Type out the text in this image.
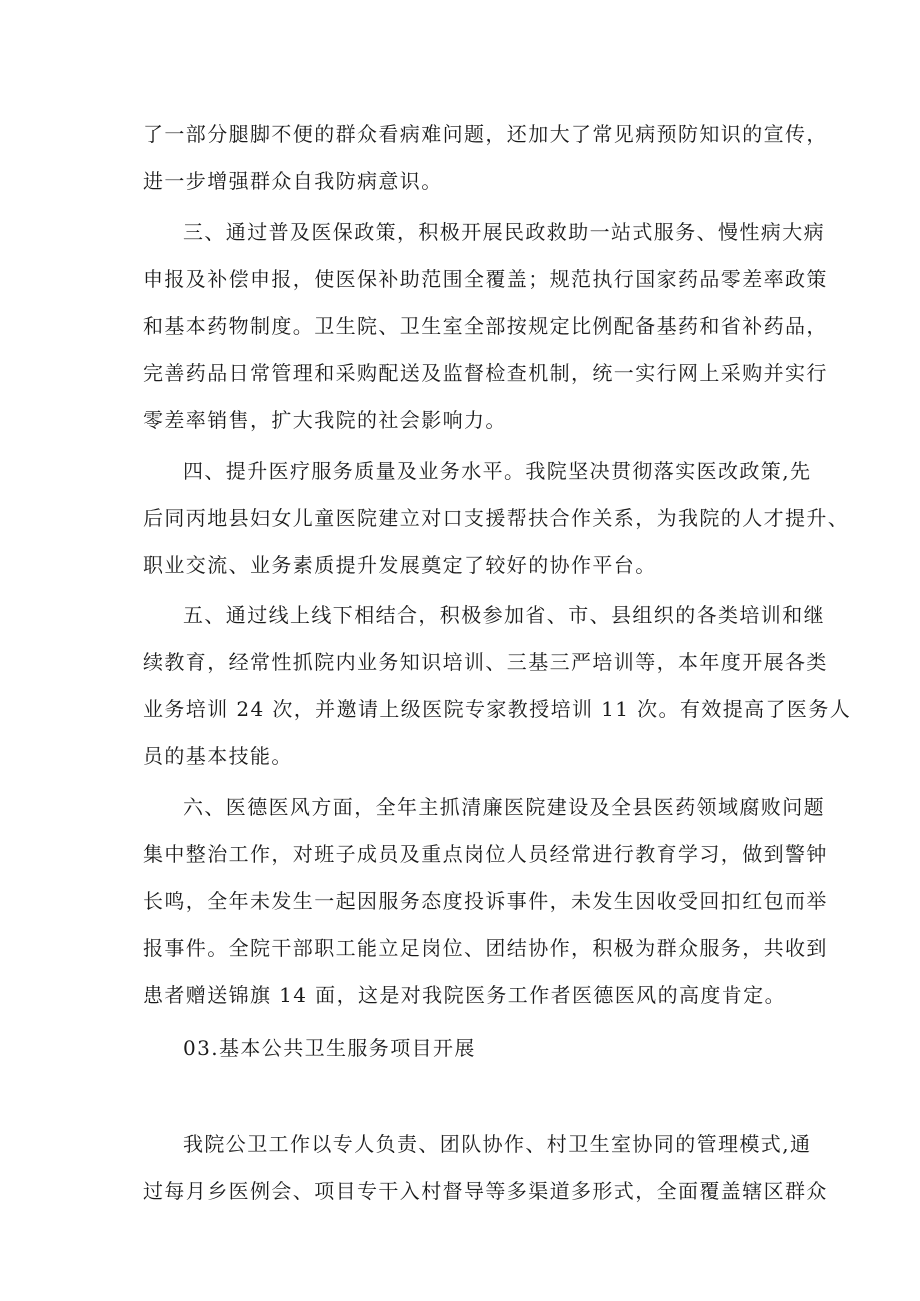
了一部分腿脚不便的群众看病难问题，还加大了常见病预防知识的宣传，
进一步增强群众自我防病意识。
三、通过普及医保政策，积极开展民政救助一站式服务、慢性病大病
申报及补偿申报，使医保补助范围全覆盖；规范执行国家药品零差率政策
和基本药物制度。卫生院、卫生室全部按规定比例配备基药和省补药品，
完善药品日常管理和采购配送及监督检查机制，统一实行网上采购并实行
零差率销售，扩大我院的社会影响力。
四、提升医疗服务质量及业务水平。我院坚决贯彻落实医改政策,先
后同丙地县妇女儿童医院建立对口支援帮扶合作关系，为我院的人才提升、
职业交流、业务素质提升发展奠定了较好的协作平台。
五、通过线上线下相结合，积极参加省、市、县组织的各类培训和继
续教育，经常性抓院内业务知识培训、三基三严培训等，本年度开展各类
业务培训 24 次，并邀请上级医院专家教授培训 11 次。有效提高了医务人
员的基本技能。
六、医德医风方面，全年主抓清廉医院建设及全县医药领域腐败问题
集中整治工作，对班子成员及重点岗位人员经常进行教育学习，做到警钟
长鸣，全年未发生一起因服务态度投诉事件，未发生因收受回扣红包而举
报事件。全院干部职工能立足岗位、团结协作，积极为群众服务，共收到
患者赠送锦旗 14 面，这是对我院医务工作者医德医风的高度肯定。
03.基本公共卫生服务项目开展
我院公卫工作以专人负责、团队协作、村卫生室协同的管理模式,通
过每月乡医例会、项目专干入村督导等多渠道多形式，全面覆盖辖区群众
